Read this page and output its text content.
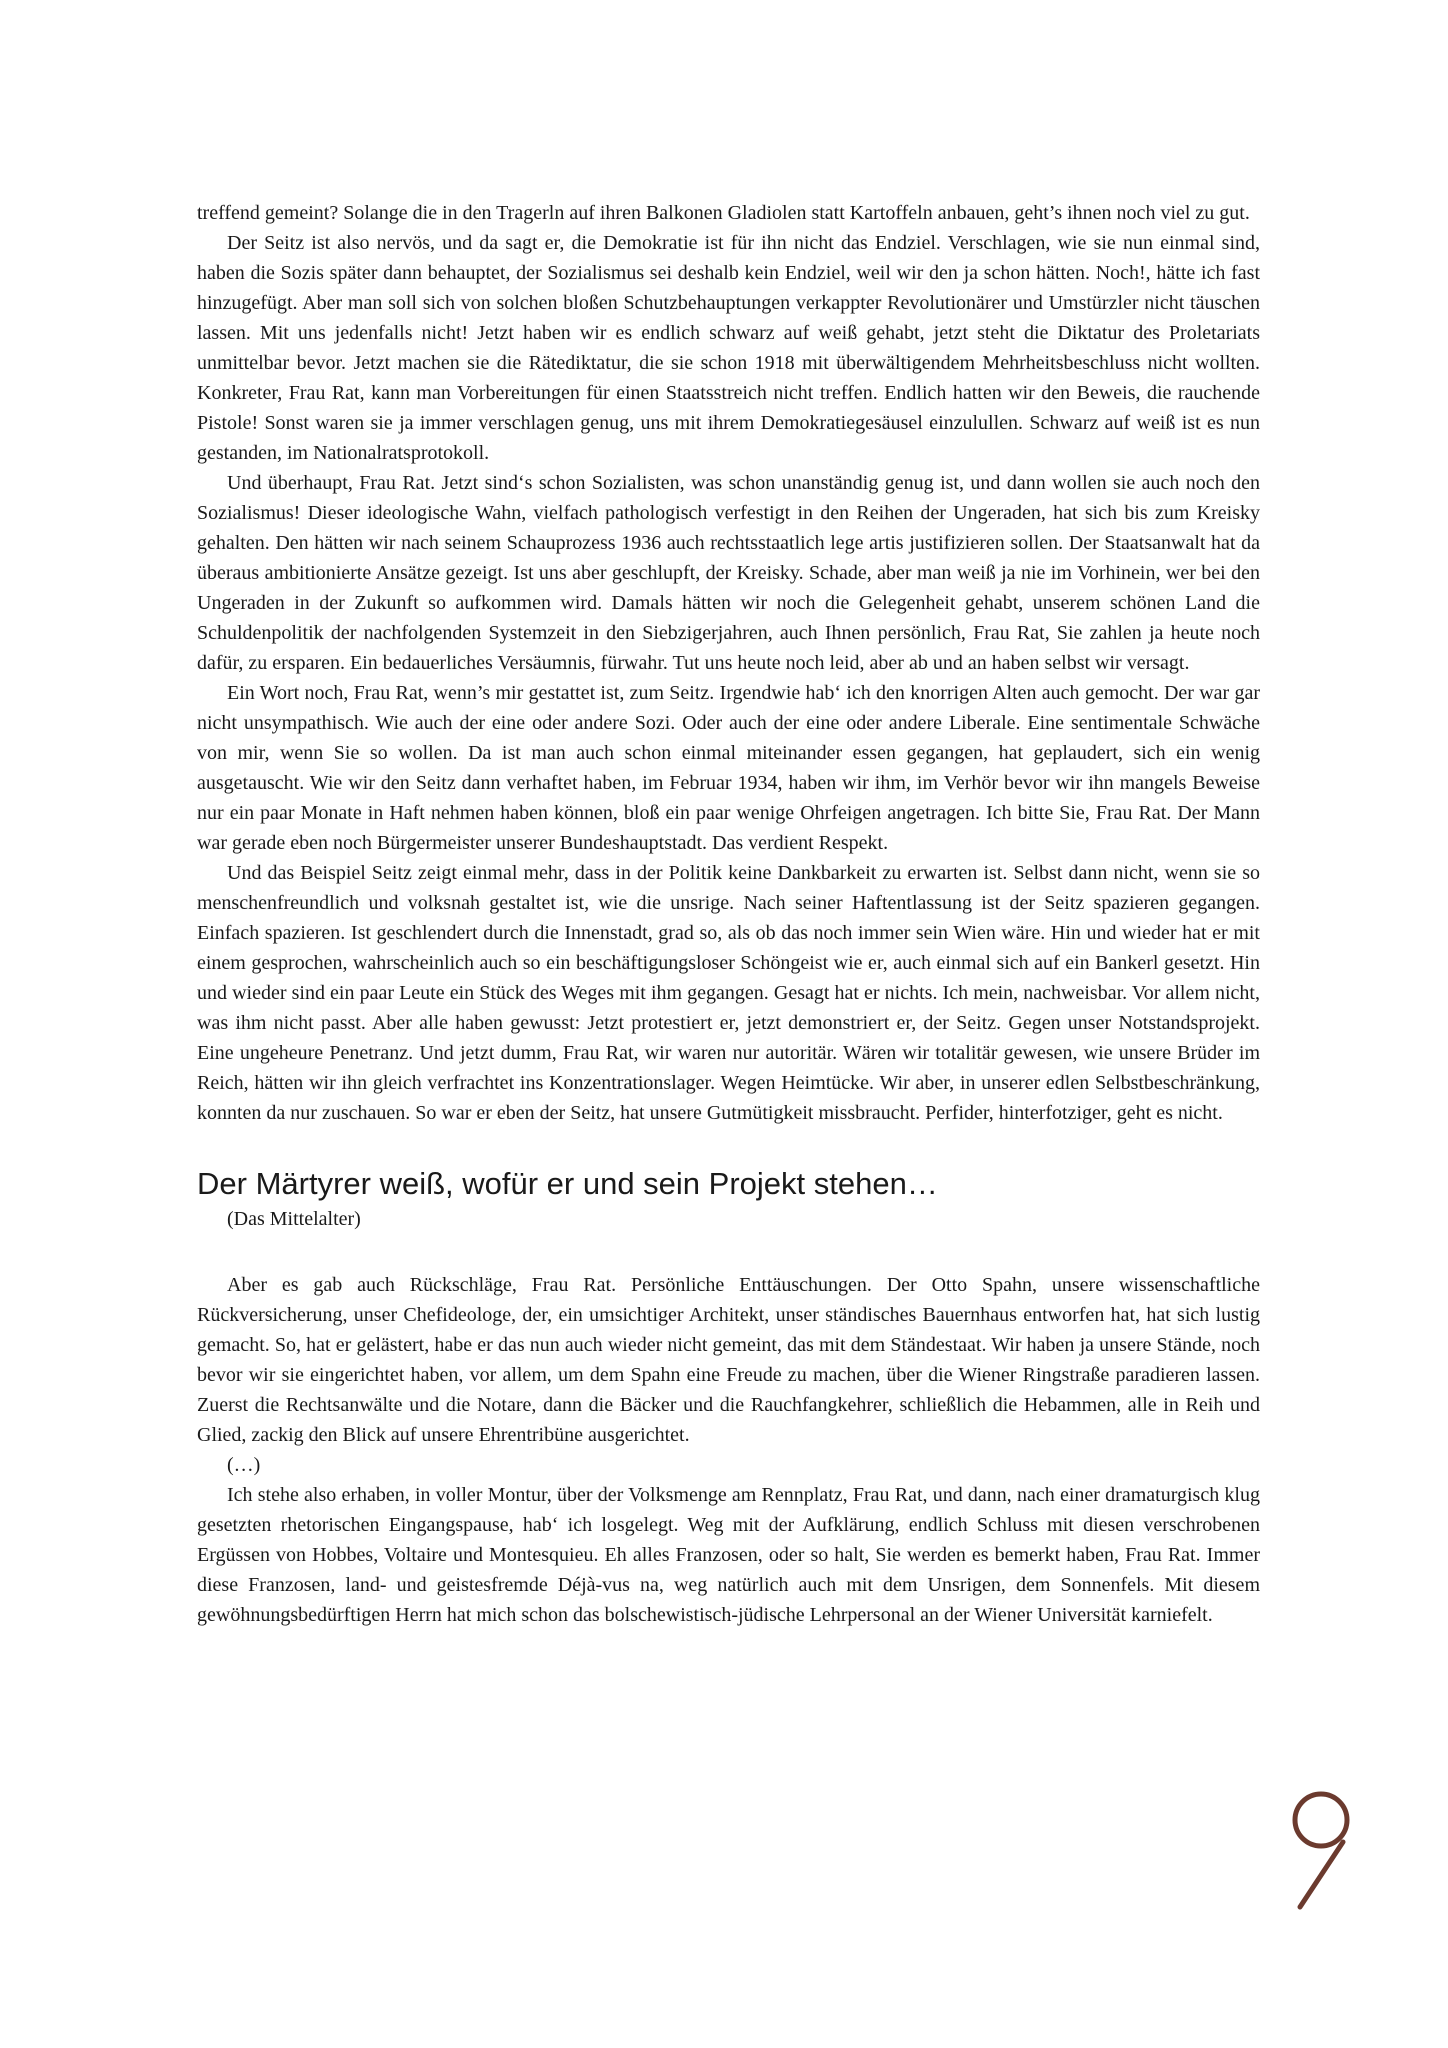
treffend gemeint? Solange die in den Tragerln auf ihren Balkonen Gladiolen statt Kartoffeln anbauen, geht’s ihnen noch viel zu gut.

Der Seitz ist also nervös, und da sagt er, die Demokratie ist für ihn nicht das Endziel. Verschlagen, wie sie nun einmal sind, haben die Sozis später dann behauptet, der Sozialismus sei deshalb kein Endziel, weil wir den ja schon hätten. Noch!, hätte ich fast hinzugefügt. Aber man soll sich von solchen bloßen Schutzbehauptungen verkappter Revolutionärer und Umstürzler nicht täuschen lassen. Mit uns jedenfalls nicht! Jetzt haben wir es endlich schwarz auf weiß gehabt, jetzt steht die Diktatur des Proletariats unmittelbar bevor. Jetzt machen sie die Rätediktatur, die sie schon 1918 mit überwältigendem Mehrheitsbeschluss nicht wollten. Konkreter, Frau Rat, kann man Vorbereitungen für einen Staatsstreich nicht treffen. Endlich hatten wir den Beweis, die rauchende Pistole! Sonst waren sie ja immer verschlagen genug, uns mit ihrem Demokratiegesäusel einzulullen. Schwarz auf weiß ist es nun gestanden, im Nationalratsprotokoll.

Und überhaupt, Frau Rat. Jetzt sind‘s schon Sozialisten, was schon unanständig genug ist, und dann wollen sie auch noch den Sozialismus! Dieser ideologische Wahn, vielfach pathologisch verfestigt in den Reihen der Ungeraden, hat sich bis zum Kreisky gehalten. Den hätten wir nach seinem Schauprozess 1936 auch rechtsstaatlich lege artis justifizieren sollen. Der Staatsanwalt hat da überaus ambitionierte Ansätze gezeigt. Ist uns aber geschlupft, der Kreisky. Schade, aber man weiß ja nie im Vorhinein, wer bei den Ungeraden in der Zukunft so aufkommen wird. Damals hätten wir noch die Gelegenheit gehabt, unserem schönen Land die Schuldenpolitik der nachfolgenden Systemzeit in den Siebzigerjahren, auch Ihnen persönlich, Frau Rat, Sie zahlen ja heute noch dafür, zu ersparen. Ein bedauerliches Versäumnis, fürwahr. Tut uns heute noch leid, aber ab und an haben selbst wir versagt.

Ein Wort noch, Frau Rat, wenn’s mir gestattet ist, zum Seitz. Irgendwie hab‘ ich den knorrigen Alten auch gemocht. Der war gar nicht unsympathisch. Wie auch der eine oder andere Sozi. Oder auch der eine oder andere Liberale. Eine sentimentale Schwäche von mir, wenn Sie so wollen. Da ist man auch schon einmal miteinander essen gegangen, hat geplaudert, sich ein wenig ausgetauscht. Wie wir den Seitz dann verhaftet haben, im Februar 1934, haben wir ihm, im Verhör bevor wir ihn mangels Beweise nur ein paar Monate in Haft nehmen haben können, bloß ein paar wenige Ohrfeigen angetragen. Ich bitte Sie, Frau Rat. Der Mann war gerade eben noch Bürgermeister unserer Bundeshauptstadt. Das verdient Respekt.

Und das Beispiel Seitz zeigt einmal mehr, dass in der Politik keine Dankbarkeit zu erwarten ist. Selbst dann nicht, wenn sie so menschenfreundlich und volksnah gestaltet ist, wie die unsrige. Nach seiner Haftentlassung ist der Seitz spazieren gegangen. Einfach spazieren. Ist geschlendert durch die Innenstadt, grad so, als ob das noch immer sein Wien wäre. Hin und wieder hat er mit einem gesprochen, wahrscheinlich auch so ein beschäftigungsloser Schöngeist wie er, auch einmal sich auf ein Bankerl gesetzt. Hin und wieder sind ein paar Leute ein Stück des Weges mit ihm gegangen. Gesagt hat er nichts. Ich mein, nachweisbar. Vor allem nicht, was ihm nicht passt. Aber alle haben gewusst: Jetzt protestiert er, jetzt demonstriert er, der Seitz. Gegen unser Notstandsprojekt. Eine ungeheure Penetranz. Und jetzt dumm, Frau Rat, wir waren nur autoritär. Wären wir totalitär gewesen, wie unsere Brüder im Reich, hätten wir ihn gleich verfrachtet ins Konzentrationslager. Wegen Heimtücke. Wir aber, in unserer edlen Selbstbeschränkung, konnten da nur zuschauen. So war er eben der Seitz, hat unsere Gutmütigkeit missbraucht. Perfider, hinterfotziger, geht es nicht.

Der Märtyrer weiß, wofür er und sein Projekt stehen…
(Das Mittelalter)

Aber es gab auch Rückschläge, Frau Rat. Persönliche Enttäuschungen. Der Otto Spahn, unsere wissenschaftliche Rückversicherung, unser Chefideologe, der, ein umsichtiger Architekt, unser ständisches Bauernhaus entworfen hat, hat sich lustig gemacht. So, hat er gelästert, habe er das nun auch wieder nicht gemeint, das mit dem Ständestaat. Wir haben ja unsere Stände, noch bevor wir sie eingerichtet haben, vor allem, um dem Spahn eine Freude zu machen, über die Wiener Ringstraße paradieren lassen. Zuerst die Rechtsanwälte und die Notare, dann die Bäcker und die Rauchfangkehrer, schließlich die Hebammen, alle in Reih und Glied, zackig den Blick auf unsere Ehrentribüne ausgerichtet.

(…)

Ich stehe also erhaben, in voller Montur, über der Volksmenge am Rennplatz, Frau Rat, und dann, nach einer dramaturgisch klug gesetzten rhetorischen Eingangspause, hab‘ ich losgelegt. Weg mit der Aufklärung, endlich Schluss mit diesen verschrobenen Ergüssen von Hobbes, Voltaire und Montesquieu. Eh alles Franzosen, oder so halt, Sie werden es bemerkt haben, Frau Rat. Immer diese Franzosen, land- und geistesfremde Déjà-vus na, weg natürlich auch mit dem Unsrigen, dem Sonnenfels. Mit diesem gewöhnungsbedürftigen Herrn hat mich schon das bolschewistisch-jüdische Lehrpersonal an der Wiener Universität karniefelt.
